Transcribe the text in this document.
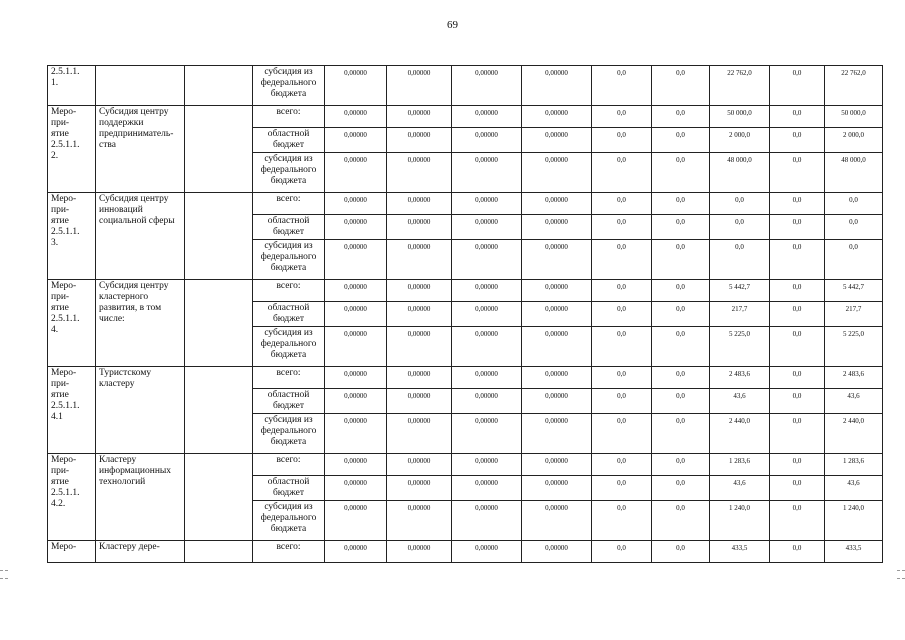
69
2.5.1.1.
1.			субсидия из федерального бюджета	0,00000	0,00000	0,00000	0,00000	0,0	0,0	22 762,0	0,0	22 762,0
Меро-
при-
ятие
2.5.1.1.
2.	Субсидия центру поддержки предпринимательства		всего:	0,00000	0,00000	0,00000	0,00000	0,0	0,0	50 000,0	0,0	50 000,0
			областной бюджет	0,00000	0,00000	0,00000	0,00000	0,0	0,0	2 000,0	0,0	2 000,0
			субсидия из федерального бюджета	0,00000	0,00000	0,00000	0,00000	0,0	0,0	48 000,0	0,0	48 000,0
Меро-
при-
ятие
2.5.1.1.
3.	Субсидия центру инноваций социальной сферы		всего:	0,00000	0,00000	0,00000	0,00000	0,0	0,0	0,0	0,0	0,0
			областной бюджет	0,00000	0,00000	0,00000	0,00000	0,0	0,0	0,0	0,0	0,0
			субсидия из федерального бюджета	0,00000	0,00000	0,00000	0,00000	0,0	0,0	0,0	0,0	0,0
Меро-
при-
ятие
2.5.1.1.
4.	Субсидия центру кластерного развития, в том числе:		всего:	0,00000	0,00000	0,00000	0,00000	0,0	0,0	5 442,7	0,0	5 442,7
			областной бюджет	0,00000	0,00000	0,00000	0,00000	0,0	0,0	217,7	0,0	217,7
			субсидия из федерального бюджета	0,00000	0,00000	0,00000	0,00000	0,0	0,0	5 225,0	0,0	5 225,0
Меро-
при-
ятие
2.5.1.1.
4.1	Туристскому кластеру		всего:	0,00000	0,00000	0,00000	0,00000	0,0	0,0	2 483,6	0,0	2 483,6
			областной бюджет	0,00000	0,00000	0,00000	0,00000	0,0	0,0	43,6	0,0	43,6
			субсидия из федерального бюджета	0,00000	0,00000	0,00000	0,00000	0,0	0,0	2 440,0	0,0	2 440,0
Меро-
при-
ятие
2.5.1.1.
4.2.	Кластеру информационных технологий		всего:	0,00000	0,00000	0,00000	0,00000	0,0	0,0	1 283,6	0,0	1 283,6
			областной бюджет	0,00000	0,00000	0,00000	0,00000	0,0	0,0	43,6	0,0	43,6
			субсидия из федерального бюджета	0,00000	0,00000	0,00000	0,00000	0,0	0,0	1 240,0	0,0	1 240,0
Меро-	Кластеру дере-		всего:	0,00000	0,00000	0,00000	0,00000	0,0	0,0	433,5	0,0	433,5
